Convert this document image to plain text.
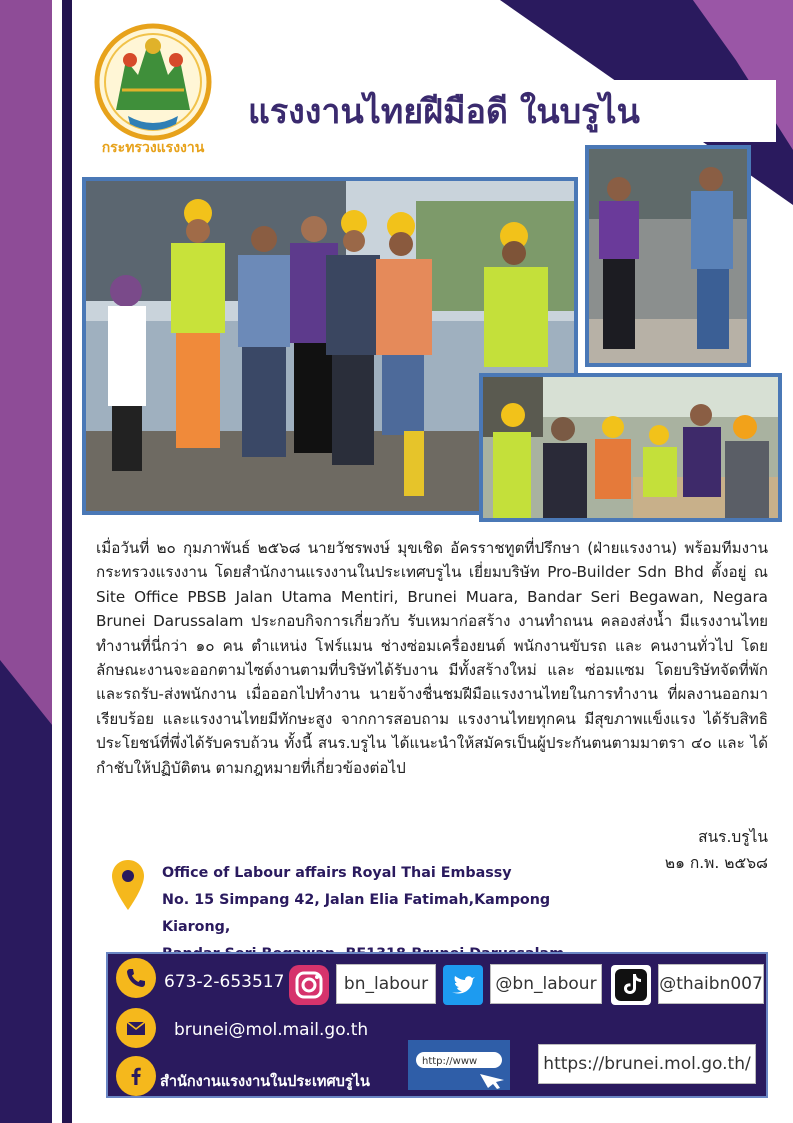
กระทรวงแรงงาน
แรงงานไทยฝีมือดี ในบรูไน
เมื่อวันที่ ๒๐ กุมภาพันธ์ ๒๕๖๘ นายวัชรพงษ์ มุขเชิด อัครราชทูตที่ปรึกษา (ฝ่ายแรงงาน) พร้อมทีมงาน กระทรวงแรงงาน โดยสำนักงานแรงงานในประเทศบรูไน เยี่ยมบริษัท Pro-Builder Sdn Bhd ตั้งอยู่ ณ Site Office PBSB Jalan Utama Mentiri, Brunei Muara, Bandar Seri Begawan, Negara Brunei Darussalam ประกอบกิจการเกี่ยวกับ รับเหมาก่อสร้าง งานทำถนน คลองส่งน้ำ มีแรงงานไทยทำงานที่นี่กว่า ๑๐ คน ตำแหน่ง โฟร์แมน ช่างซ่อมเครื่องยนต์ พนักงานขับรถ และ คนงานทั่วไป โดยลักษณะงานจะออกตามไซต์งานตามที่บริษัทได้รับงาน มีทั้งสร้างใหม่ และ ซ่อมแซม โดยบริษัทจัดที่พัก และรถรับ-ส่งพนักงาน เมื่อออกไปทำงาน นายจ้างชื่นชมฝีมือแรงงานไทยในการทำงาน ที่ผลงานออกมาเรียบร้อย และแรงงานไทยมีทักษะสูง จากการสอบถาม แรงงานไทยทุกคน มีสุขภาพแข็งแรง ได้รับสิทธิประโยชน์ที่พึ่งได้รับครบถ้วน ทั้งนี้ สนร.บรูไน ได้แนะนำให้สมัครเป็นผู้ประกันตนตามมาตรา ๔๐ และ ได้กำชับให้ปฏิบัติตน ตามกฎหมายที่เกี่ยวข้องต่อไป
สนร.บรูไน
๒๑ ก.พ. ๒๕๖๘
Office of Labour affairs Royal Thai Embassy
No. 15 Simpang 42, Jalan Elia Fatimah,Kampong Kiarong,
673-2-653517	bn_labour	@bn_labour	@thaibn007
brunei@mol.mail.go.th
สำนักงานแรงงานในประเทศบรูไน
http://www	https://brunei.mol.go.th/
